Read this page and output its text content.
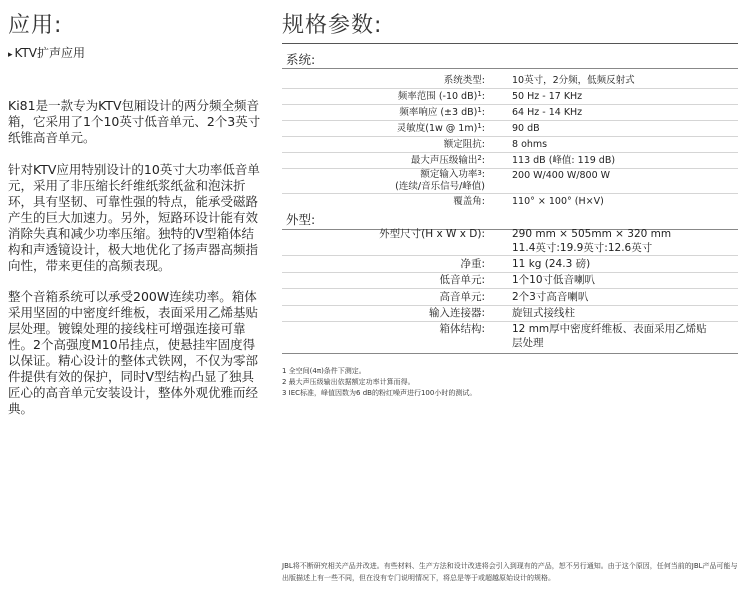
应用:
▸ KTV扩声应用

Ki81是一款专为KTV包厢设计的两分频全频音箱，它采用了1个10英寸低音单元、2个3英寸纸锥高音单元。

针对KTV应用特别设计的10英寸大功率低音单元，采用了非压缩长纤维纸浆纸盆和泡沫折环，具有坚韧、可靠性强的特点，能承受磁路产生的巨大加速力。另外，短路环设计能有效消除失真和减少功率压缩。独特的V型箱体结构和声透镜设计，极大地优化了扬声器高频指向性，带来更佳的高频表现。

整个音箱系统可以承受200W连续功率。箱体采用坚固的中密度纤维板，表面采用乙烯基贴层处理。镀镍处理的接线柱可增强连接可靠性。2个高强度M10吊挂点，使悬挂牢固度得以保证。精心设计的整体式铁网，不仅为零部件提供有效的保护，同时V型结构凸显了独具匠心的高音单元安装设计，整体外观优雅而经典。

规格参数:
系统:
系统类型:	10英寸，2分频，低频反射式
频率范围 (-10 dB)$^1$:	50 Hz - 17 KHz
频率响应 (±3 dB)$^1$:	64 Hz - 14 KHz
灵敏度(1w @ 1m)$^1$:	90 dB
额定阻抗:	8 ohms
最大声压级输出$^2$:	113 dB (峰值: 119 dB)
额定输入功率$^3$:
(连续/音乐信号/峰值)
200 W/400 W/800 W
覆盖角:	110° × 100° (H×V)
外型:
外型尺寸(H x W x D):	290 mm × 505mm × 320 mm
11.4英寸:19.9英寸:12.6英寸
净重:	11 kg (24.3 磅)
低音单元:	1个10寸低音喇叭
高音单元:	2个3寸高音喇叭
输入连接器:	旋钮式接线柱
箱体结构:	12 mm厚中密度纤维板、表面采用乙烯贴
层处理
1 全空间(4π)条件下测定。
2 最大声压级输出依据额定功率计算而得。
3 IEC标准，峰值因数为6 dB的粉红噪声进行100小时的测试。

JBL将不断研究相关产品并改进。有些材料、生产方法和设计改进将会引入到现有的产品，恕不另行通知。由于这个原因，任何当前的JBL产品可能与出版描述上有一些不同，但在没有专门说明情况下，将总是等于或超越原始设计的规格。
